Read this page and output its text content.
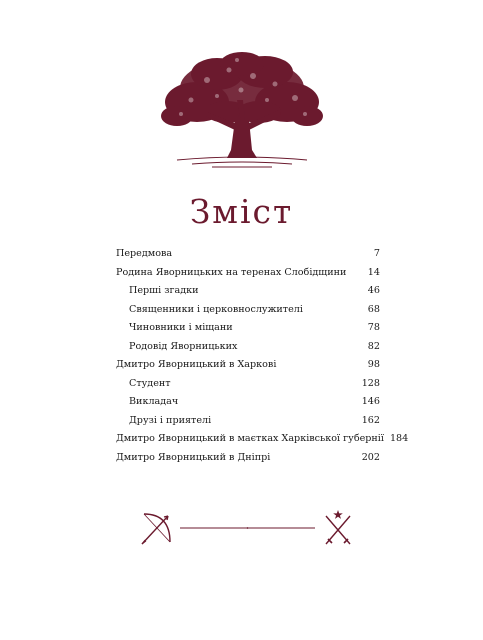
Зміст
Передмова	7
Родина Яворницьких на теренах Слобідщини	14
Перші згадки	46
Священники і церковнослужителі	68
Чиновники і міщани	78
Родовід Яворницьких	82
Дмитро Яворницький в Харкові	98
Студент	128
Викладач	146
Друзі і приятелі	162
Дмитро Яворницький в маєтках Харківської губернії 184
Дмитро Яворницький в Дніпрі	202
